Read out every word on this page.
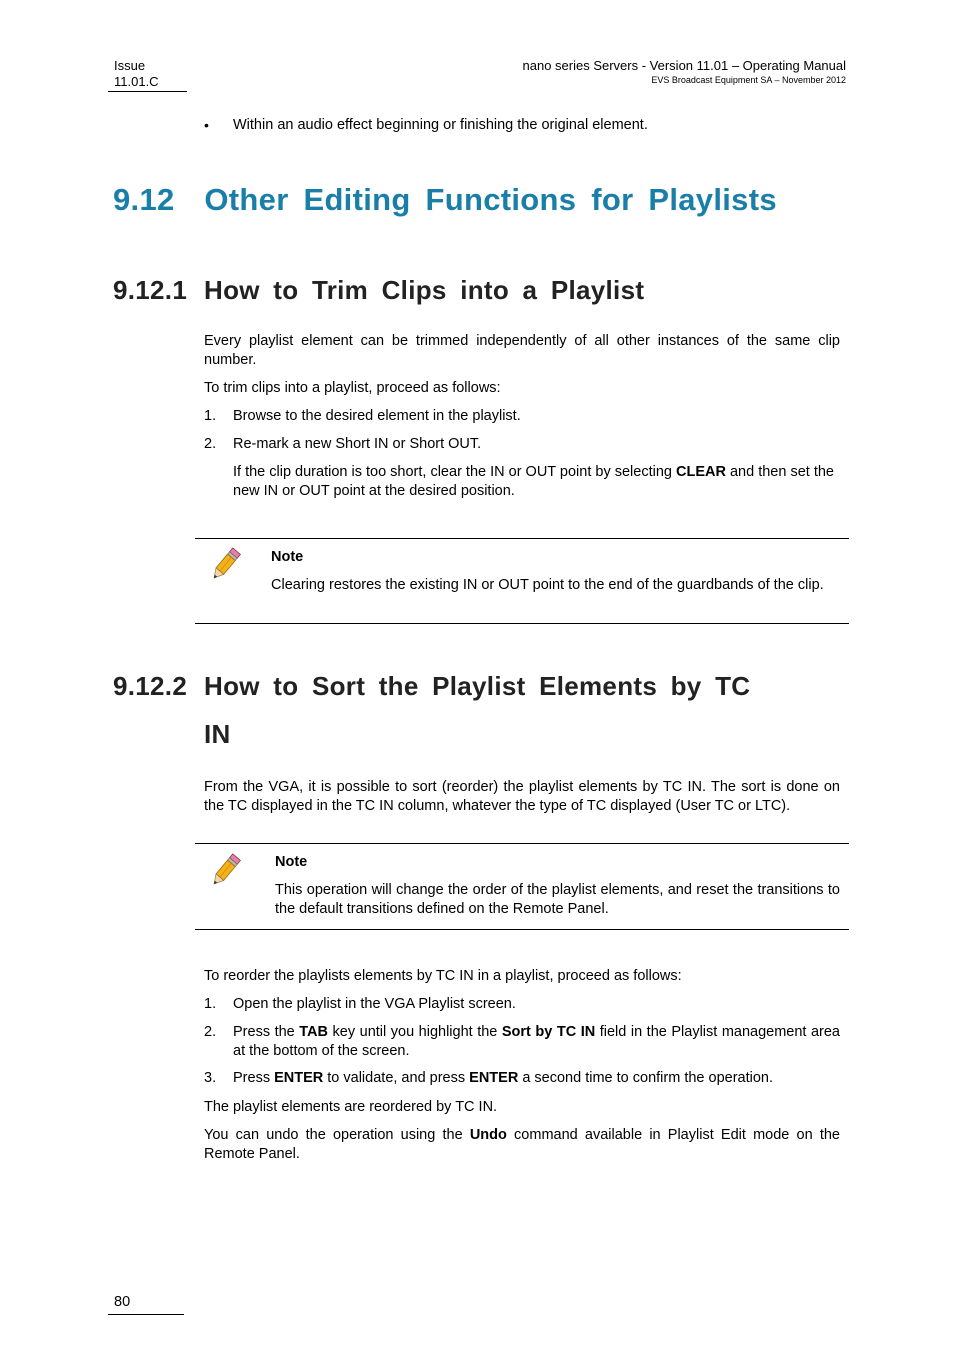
Issue
11.01.C
nano series Servers - Version 11.01 – Operating Manual
EVS Broadcast Equipment SA – November 2012
•	Within an audio effect beginning or finishing the original element.
9.12 Other Editing Functions for Playlists
9.12.1 How to Trim Clips into a Playlist
Every playlist element can be trimmed independently of all other instances of the same clip number.
To trim clips into a playlist, proceed as follows:
1.	Browse to the desired element in the playlist.
2.	Re-mark a new Short IN or Short OUT.
If the clip duration is too short, clear the IN or OUT point by selecting CLEAR and then set the new IN or OUT point at the desired position.
Note
Clearing restores the existing IN or OUT point to the end of the guardbands of the clip.
9.12.2 How to Sort the Playlist Elements by TC
IN
From the VGA, it is possible to sort (reorder) the playlist elements by TC IN. The sort is done on the TC displayed in the TC IN column, whatever the type of TC displayed (User TC or LTC).
Note
This operation will change the order of the playlist elements, and reset the transitions to the default transitions defined on the Remote Panel.
To reorder the playlists elements by TC IN in a playlist, proceed as follows:
1.	Open the playlist in the VGA Playlist screen.
2.	Press the TAB key until you highlight the Sort by TC IN field in the Playlist management area at the bottom of the screen.
3.	Press ENTER to validate, and press ENTER a second time to confirm the operation.
The playlist elements are reordered by TC IN.
You can undo the operation using the Undo command available in Playlist Edit mode on the Remote Panel.
80
